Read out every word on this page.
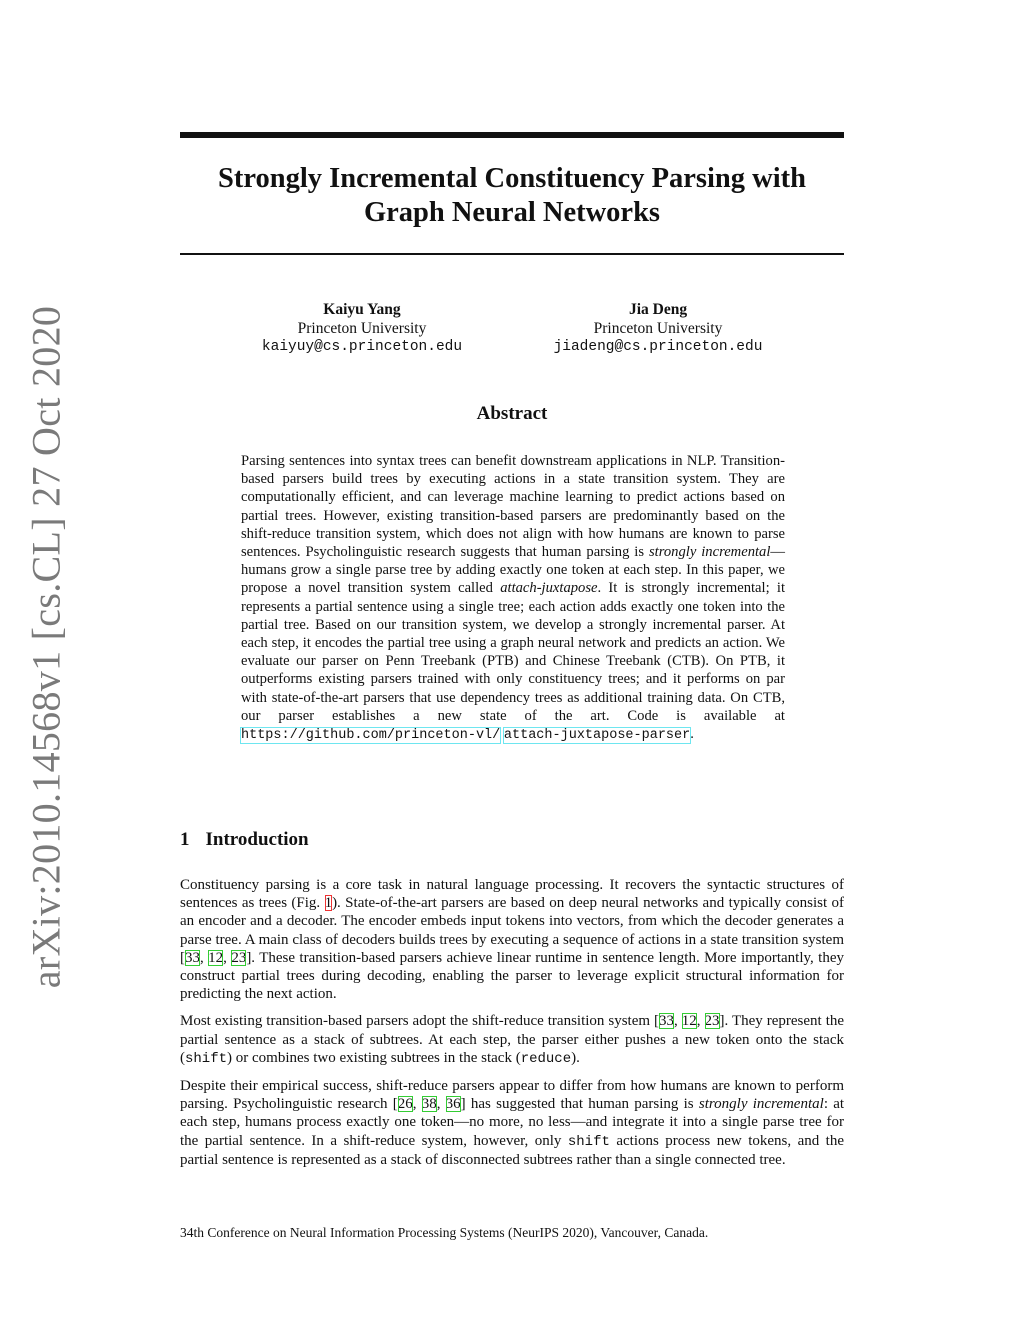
arXiv:2010.14568v1 [cs.CL] 27 Oct 2020
Strongly Incremental Constituency Parsing with
Graph Neural Networks
Kaiyu Yang
Princeton University
kaiyuy@cs.princeton.edu
Jia Deng
Princeton University
jiadeng@cs.princeton.edu
Abstract

Parsing sentences into syntax trees can benefit downstream applications in NLP. Transition-based parsers build trees by executing actions in a state transition system. They are computationally efficient, and can leverage machine learning to predict actions based on partial trees. However, existing transition-based parsers are predominantly based on the shift-reduce transition system, which does not align with how humans are known to parse sentences. Psycholinguistic research suggests that human parsing is strongly incremental—humans grow a single parse tree by adding exactly one token at each step. In this paper, we propose a novel transition system called attach-juxtapose. It is strongly incremental; it represents a partial sentence using a single tree; each action adds exactly one token into the partial tree. Based on our transition system, we develop a strongly incremental parser. At each step, it encodes the partial tree using a graph neural network and predicts an action. We evaluate our parser on Penn Treebank (PTB) and Chinese Treebank (CTB). On PTB, it outperforms existing parsers trained with only constituency trees; and it performs on par with state-of-the-art parsers that use dependency trees as additional training data. On CTB, our parser establishes a new state of the art. Code is available at https://github.com/princeton-vl/ attach-juxtapose-parser.

1 Introduction

Constituency parsing is a core task in natural language processing. It recovers the syntactic structures of sentences as trees (Fig. 1). State-of-the-art parsers are based on deep neural networks and typically consist of an encoder and a decoder. The encoder embeds input tokens into vectors, from which the decoder generates a parse tree. A main class of decoders builds trees by executing a sequence of actions in a state transition system [33, 12, 23]. These transition-based parsers achieve linear runtime in sentence length. More importantly, they construct partial trees during decoding, enabling the parser to leverage explicit structural information for predicting the next action.

Most existing transition-based parsers adopt the shift-reduce transition system [33, 12, 23]. They represent the partial sentence as a stack of subtrees. At each step, the parser either pushes a new token onto the stack (shift) or combines two existing subtrees in the stack (reduce).

Despite their empirical success, shift-reduce parsers appear to differ from how humans are known to perform parsing. Psycholinguistic research [26, 38, 36] has suggested that human parsing is strongly incremental: at each step, humans process exactly one token—no more, no less—and integrate it into a single parse tree for the partial sentence. In a shift-reduce system, however, only shift actions process new tokens, and the partial sentence is represented as a stack of disconnected subtrees rather than a single connected tree.

34th Conference on Neural Information Processing Systems (NeurIPS 2020), Vancouver, Canada.
